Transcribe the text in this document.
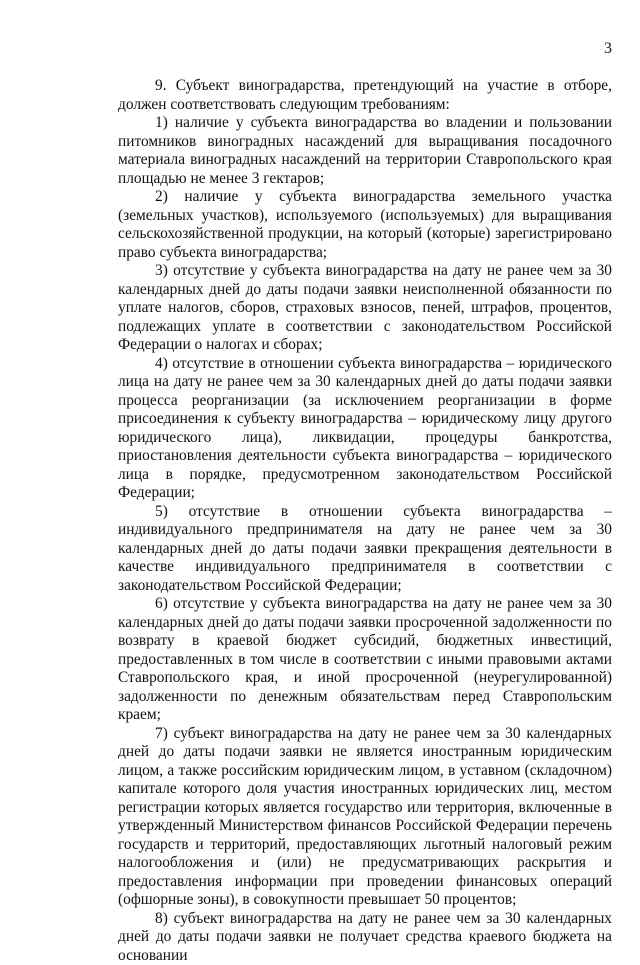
3

9. Субъект виноградарства, претендующий на участие в отборе, должен соответствовать следующим требованиям:

1) наличие у субъекта виноградарства во владении и пользовании питомников виноградных насаждений для выращивания посадочного материала виноградных насаждений на территории Ставропольского края площадью не менее 3 гектаров;

2) наличие у субъекта виноградарства земельного участка (земельных участков), используемого (используемых) для выращивания сельскохозяйственной продукции, на который (которые) зарегистрировано право субъекта виноградарства;

3) отсутствие у субъекта виноградарства на дату не ранее чем за 30 календарных дней до даты подачи заявки неисполненной обязанности по уплате налогов, сборов, страховых взносов, пеней, штрафов, процентов, подлежащих уплате в соответствии с законодательством Российской Федерации о налогах и сборах;

4) отсутствие в отношении субъекта виноградарства – юридического лица на дату не ранее чем за 30 календарных дней до даты подачи заявки процесса реорганизации (за исключением реорганизации в форме присоединения к субъекту виноградарства – юридическому лицу другого юридического лица), ликвидации, процедуры банкротства, приостановления деятельности субъекта виноградарства – юридического лица в порядке, предусмотренном законодательством Российской Федерации;

5) отсутствие в отношении субъекта виноградарства – индивидуального предпринимателя на дату не ранее чем за 30 календарных дней до даты подачи заявки прекращения деятельности в качестве индивидуального предпринимателя в соответствии с законодательством Российской Федерации;

6) отсутствие у субъекта виноградарства на дату не ранее чем за 30 календарных дней до даты подачи заявки просроченной задолженности по возврату в краевой бюджет субсидий, бюджетных инвестиций, предоставленных в том числе в соответствии с иными правовыми актами Ставропольского края, и иной просроченной (неурегулированной) задолженности по денежным обязательствам перед Ставропольским краем;

7) субъект виноградарства на дату не ранее чем за 30 календарных дней до даты подачи заявки не является иностранным юридическим лицом, а также российским юридическим лицом, в уставном (складочном) капитале которого доля участия иностранных юридических лиц, местом регистрации которых является государство или территория, включенные в утвержденный Министерством финансов Российской Федерации перечень государств и территорий, предоставляющих льготный налоговый режим налогообложения и (или) не предусматривающих раскрытия и предоставления информации при проведении финансовых операций (офшорные зоны), в совокупности превышает 50 процентов;

8) субъект виноградарства на дату не ранее чем за 30 календарных дней до даты подачи заявки не получает средства краевого бюджета на основании
